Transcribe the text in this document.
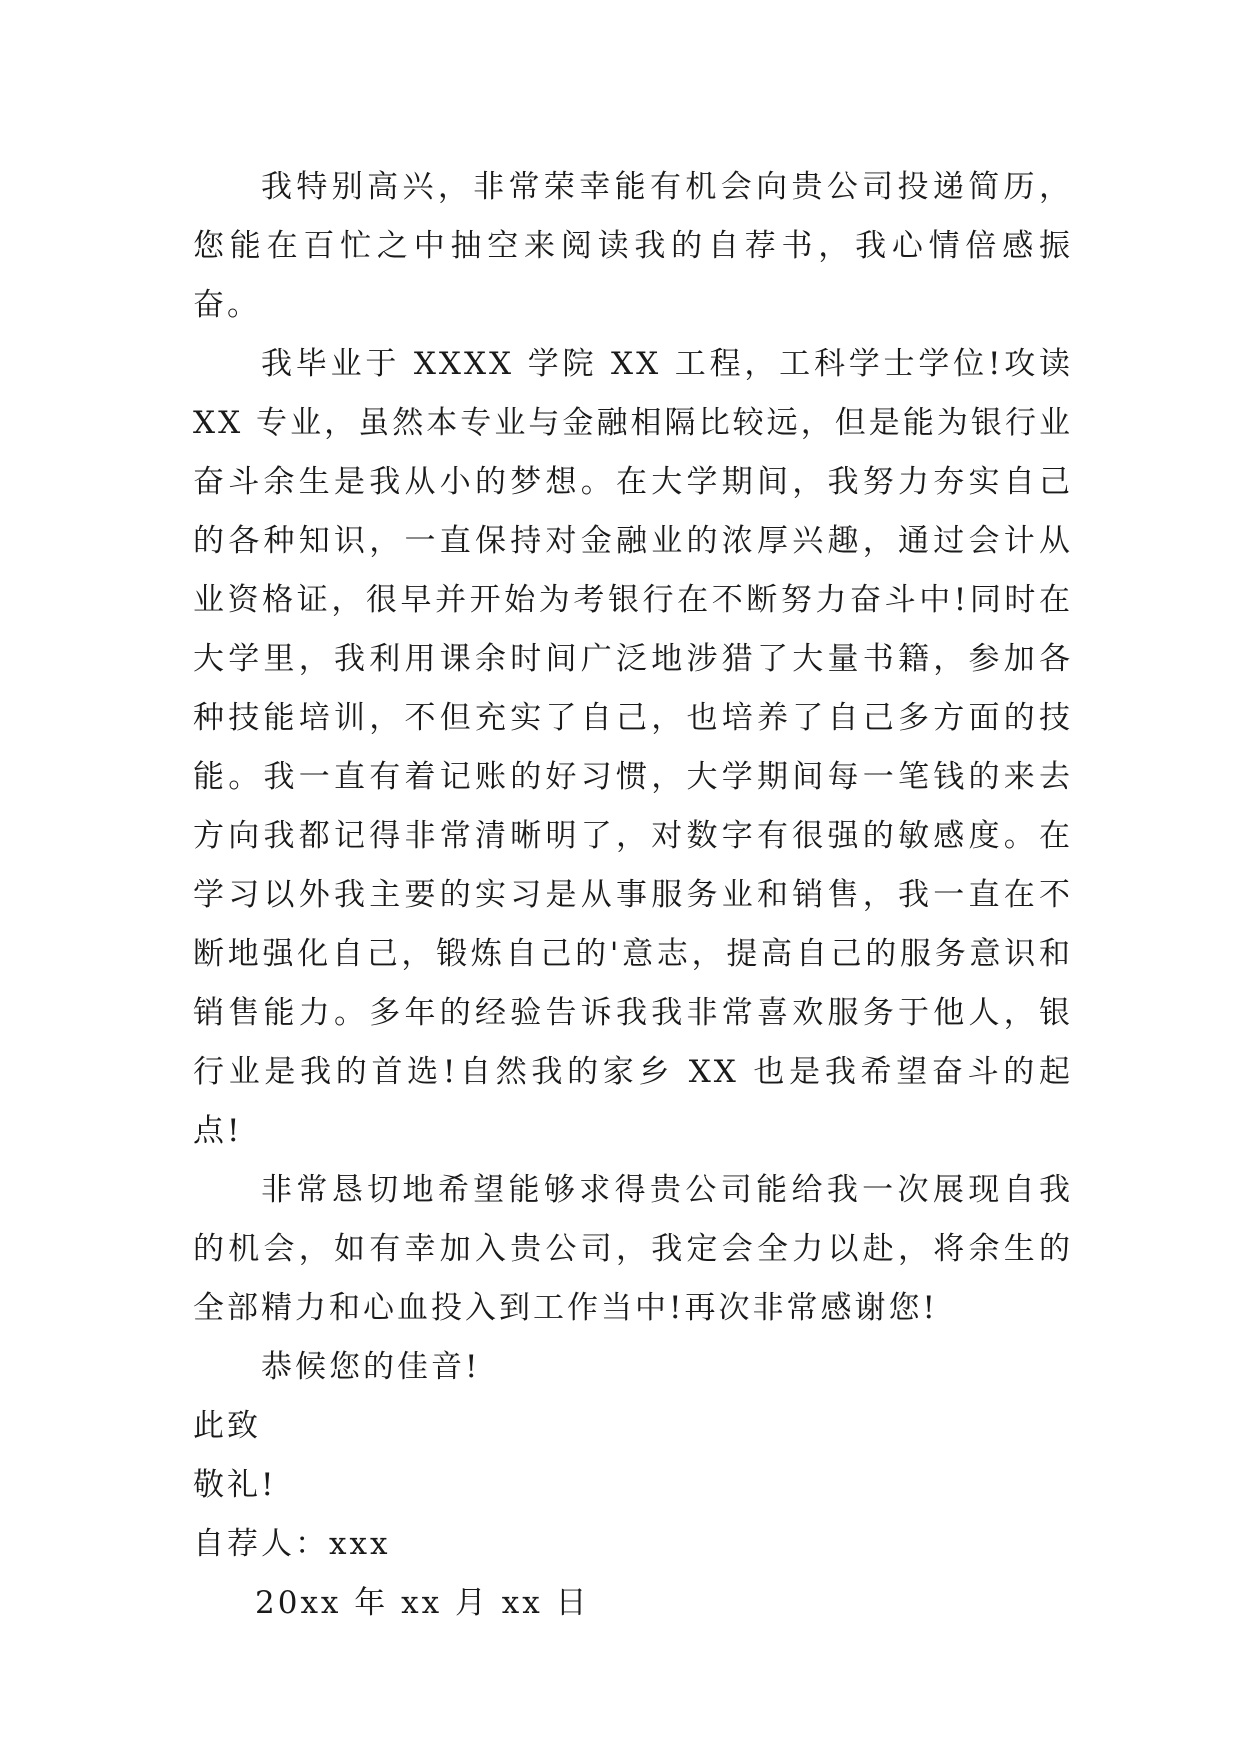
我特别高兴，非常荣幸能有机会向贵公司投递简历，您能在百忙之中抽空来阅读我的自荐书，我心情倍感振奋。

我毕业于 XXXX 学院 XX 工程，工科学士学位!攻读 XX 专业，虽然本专业与金融相隔比较远，但是能为银行业奋斗余生是我从小的梦想。在大学期间，我努力夯实自己的各种知识，一直保持对金融业的浓厚兴趣，通过会计从业资格证，很早并开始为考银行在不断努力奋斗中!同时在大学里，我利用课余时间广泛地涉猎了大量书籍，参加各种技能培训，不但充实了自己，也培养了自己多方面的技能。我一直有着记账的好习惯，大学期间每一笔钱的来去方向我都记得非常清晰明了，对数字有很强的敏感度。在学习以外我主要的实习是从事服务业和销售，我一直在不断地强化自己，锻炼自己的'意志，提高自己的服务意识和销售能力。多年的经验告诉我我非常喜欢服务于他人，银行业是我的首选!自然我的家乡 XX 也是我希望奋斗的起点!

非常恳切地希望能够求得贵公司能给我一次展现自我的机会，如有幸加入贵公司，我定会全力以赴，将余生的全部精力和心血投入到工作当中!再次非常感谢您!

恭候您的佳音!

此致

敬礼!

自荐人：xxx

20xx 年 xx 月 xx 日
